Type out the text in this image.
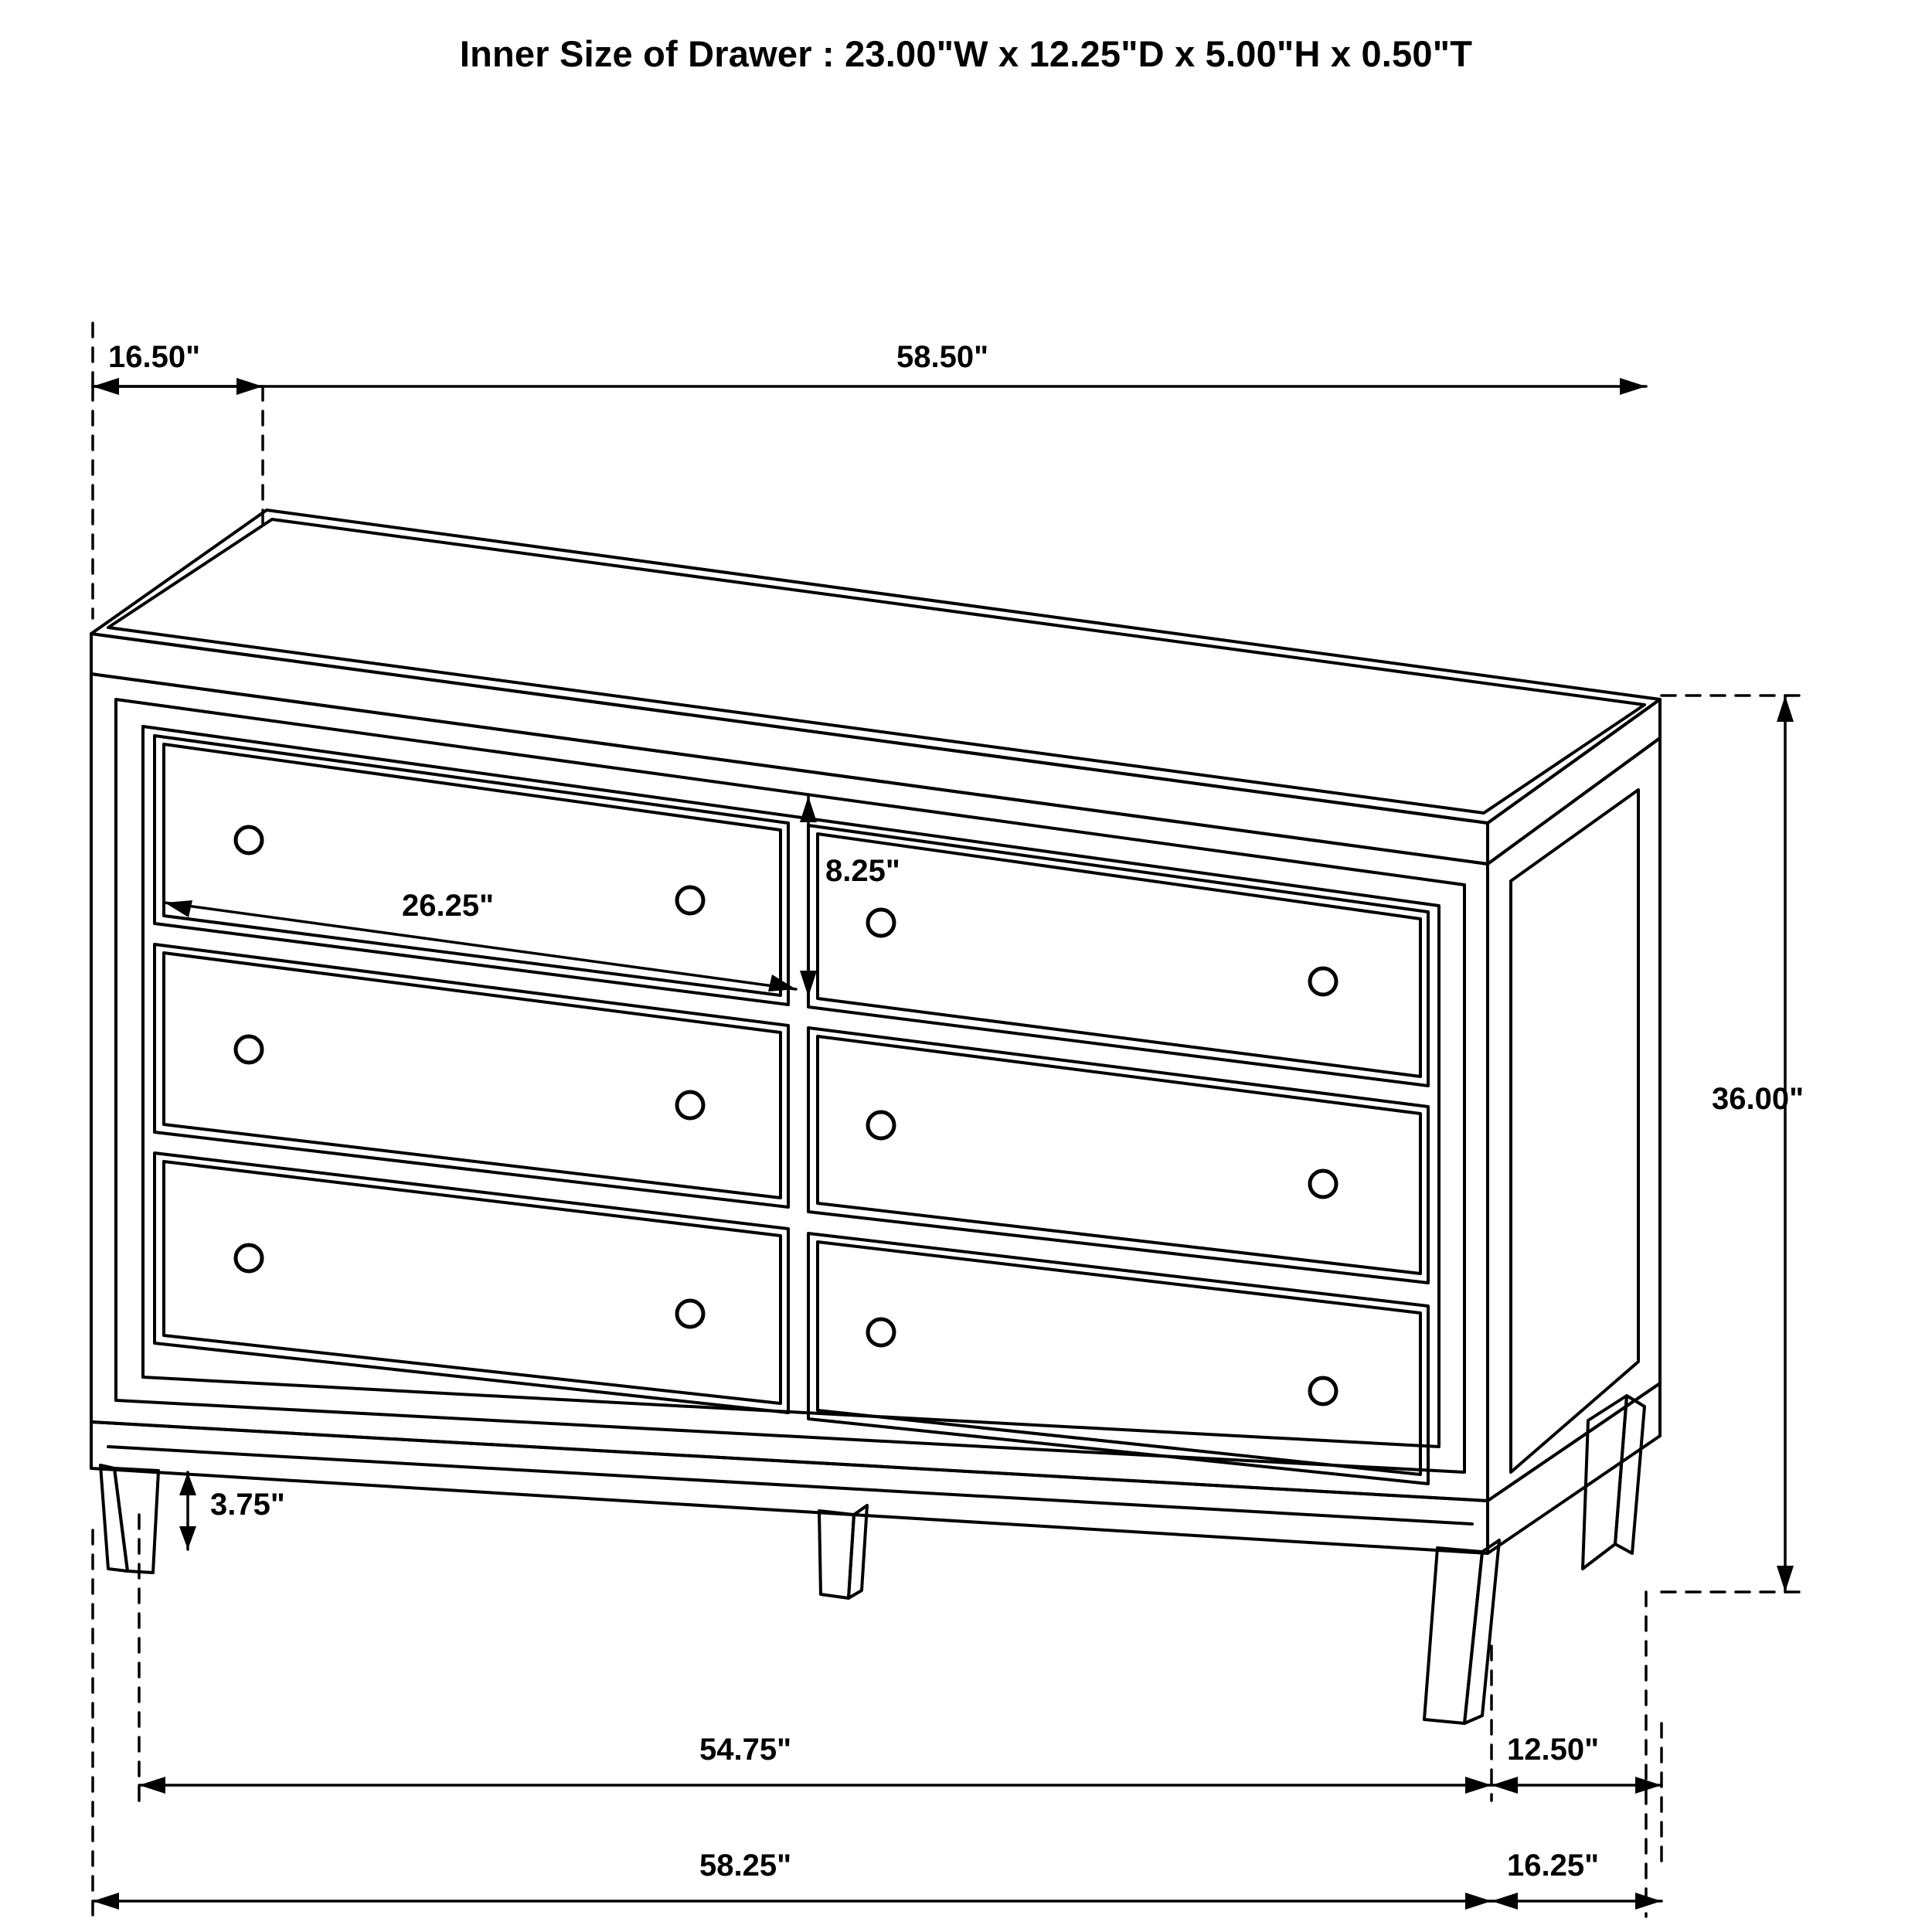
Inner Size of Drawer : 23.00"W x 12.25"D x 5.00"H x 0.50"T
16.50"	58.50"
36.00"
26.25"
8.25"
3.75"
54.75"
58.25"
12.50"
16.25"
